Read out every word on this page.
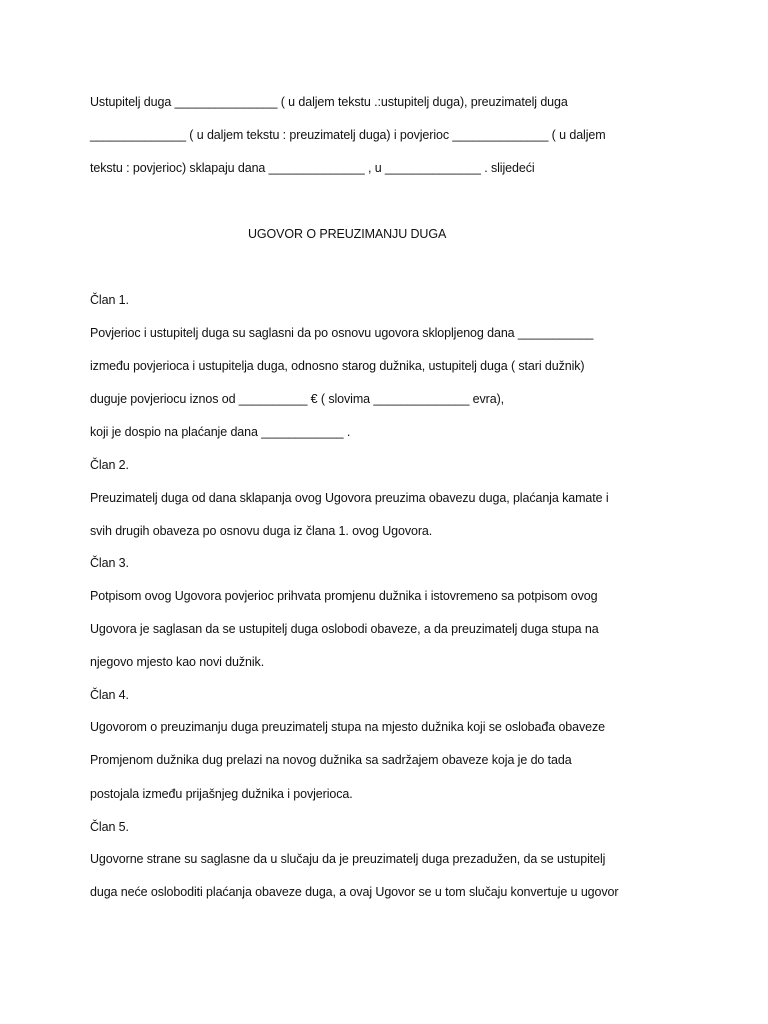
Ustupitelj duga _______________ ( u daljem tekstu .:ustupitelj duga), preuzimatelj duga
______________ ( u daljem tekstu : preuzimatelj duga) i povjerioc ______________ ( u daljem
tekstu : povjerioc) sklapaju dana ______________ , u ______________ . slijedeći
UGOVOR O PREUZIMANJU DUGA
Član 1.
Povjerioc i ustupitelj duga su saglasni da po osnovu ugovora sklopljenog dana ___________
između povjerioca i ustupitelja duga, odnosno starog dužnika, ustupitelj duga ( stari dužnik)
duguje povjeriocu iznos od __________ € ( slovima ______________ evra),
koji je dospio na plaćanje dana ____________ .
Član 2.
Preuzimatelj duga od dana sklapanja ovog Ugovora preuzima obavezu duga, plaćanja kamate i
svih drugih obaveza po osnovu duga iz člana 1. ovog Ugovora.
Član 3.
Potpisom ovog Ugovora povjerioc prihvata promjenu dužnika i istovremeno sa potpisom ovog
Ugovora je saglasan da se ustupitelj duga oslobodi obaveze, a da preuzimatelj duga stupa na
njegovo mjesto kao novi dužnik.
Član 4.
Ugovorom o preuzimanju duga preuzimatelj stupa na mjesto dužnika koji se oslobađa obaveze
Promjenom dužnika dug prelazi na novog dužnika sa sadržajem obaveze koja je do tada
postojala između prijašnjeg dužnika i povjerioca.
Član 5.
Ugovorne strane su saglasne da u slučaju da je preuzimatelj duga prezadužen, da se ustupitelj
duga neće osloboditi plaćanja obaveze duga, a ovaj Ugovor se u tom slučaju konvertuje u ugovor
